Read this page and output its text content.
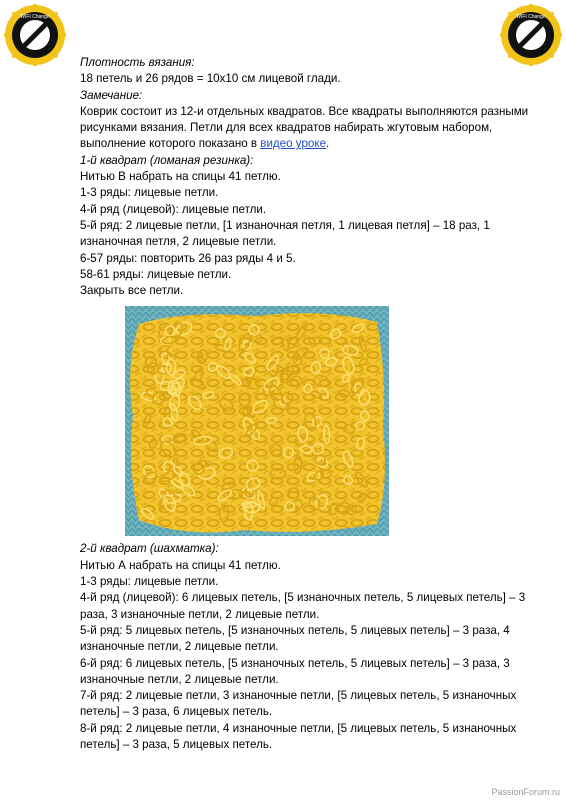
WIFI Change	WIFI Change

Плотность вязания:

18 петель и 26 рядов = 10х10 см лицевой глади.

Замечание:

Коврик состоит из 12-и отдельных квадратов. Все квадраты выполняются разными рисунками вязания. Петли для всех квадратов набирать жгутовым набором, выполнение которого показано в видео уроке.

1-й квадрат (ломаная резинка):

Нитью В набрать на спицы 41 петлю.

1-3 ряды: лицевые петли.

4-й ряд (лицевой): лицевые петли.

5-й ряд: 2 лицевые петли, [1 изнаночная петля, 1 лицевая петля] – 18 раз, 1 изнаночная петля, 2 лицевые петли.

6-57 ряды: повторить 26 раз ряды 4 и 5.

58-61 ряды: лицевые петли.

Закрыть все петли.

2-й квадрат (шахматка):

Нитью А набрать на спицы 41 петлю.

1-3 ряды: лицевые петли.

4-й ряд (лицевой): 6 лицевых петель, [5 изнаночных петель, 5 лицевых петель] – 3 раза, 3 изнаночные петли, 2 лицевые петли.

5-й ряд: 5 лицевых петель, [5 изнаночных петель, 5 лицевых петель] – 3 раза, 4 изнаночные петли, 2 лицевые петли.

6-й ряд: 6 лицевых петель, [5 изнаночных петель, 5 лицевых петель] – 3 раза, 3 изнаночные петли, 2 лицевые петли.

7-й ряд: 2 лицевые петли, 3 изнаночные петли, [5 лицевых петель, 5 изнаночных петель] – 3 раза, 6 лицевых петель.

8-й ряд: 2 лицевые петли, 4 изнаночные петли, [5 лицевых петель, 5 изнаночных петель] – 3 раза, 5 лицевых петель.

PassionForum.ru
